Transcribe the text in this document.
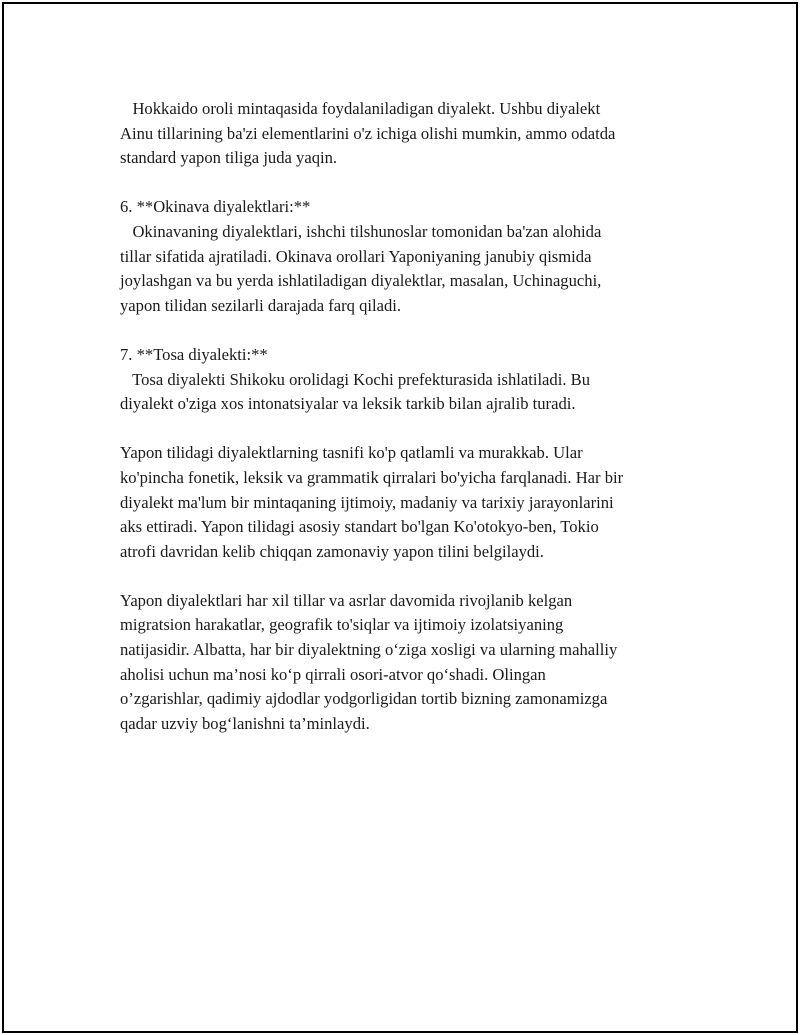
Hokkaido oroli mintaqasida foydalaniladigan diyalekt. Ushbu diyalekt
Ainu tillarining ba'zi elementlarini o'z ichiga olishi mumkin, ammo odatda
standard yapon tiliga juda yaqin.
6. **Okinava diyalektlari:**
Okinavaning diyalektlari, ishchi tilshunoslar tomonidan ba'zan alohida
tillar sifatida ajratiladi. Okinava orollari Yaponiyaning janubiy qismida
joylashgan va bu yerda ishlatiladigan diyalektlar, masalan, Uchinaguchi,
yapon tilidan sezilarli darajada farq qiladi.
7. **Tosa diyalekti:**
Tosa diyalekti Shikoku orolidagi Kochi prefekturasida ishlatiladi. Bu
diyalekt o'ziga xos intonatsiyalar va leksik tarkib bilan ajralib turadi.
Yapon tilidagi diyalektlarning tasnifi ko'p qatlamli va murakkab. Ular
ko'pincha fonetik, leksik va grammatik qirralari bo'yicha farqlanadi. Har bir
diyalekt ma'lum bir mintaqaning ijtimoiy, madaniy va tarixiy jarayonlarini
aks ettiradi. Yapon tilidagi asosiy standart bo'lgan Ko'otokyo-ben, Tokio
atrofi davridan kelib chiqqan zamonaviy yapon tilini belgilaydi.
Yapon diyalektlari har xil tillar va asrlar davomida rivojlanib kelgan
migratsion harakatlar, geografik to'siqlar va ijtimoiy izolatsiyaning
natijasidir. Albatta, har bir diyalektning o‘ziga xosligi va ularning mahalliy
aholisi uchun ma’nosi ko‘p qirrali osori-atvor qo‘shadi. Olingan
o’zgarishlar, qadimiy ajdodlar yodgorligidan tortib bizning zamonamizga
qadar uzviy bog‘lanishni ta’minlaydi.
